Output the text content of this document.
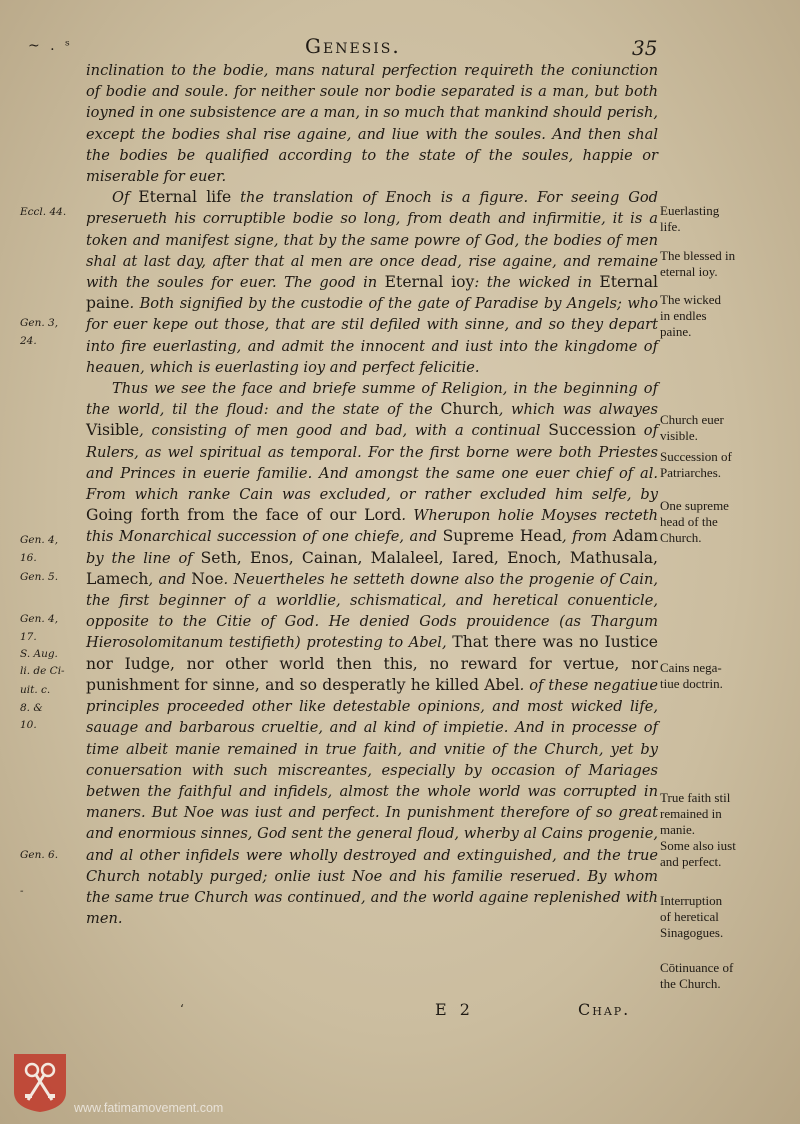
~ . ˢ	Genesis.	35

inclination to the bodie, mans natural perfection requireth the coniunction of bodie and soule. for neither soule nor bodie separated is a man, but both ioyned in one subsistence are a man, in so much that mankind should perish, except the bodies shal rise againe, and liue with the soules. And then shal the bodies be qualified according to the state of the soules, happie or miserable for euer.

Of Eternal life the translation of Enoch is a figure. For seeing God preserueth his corruptible bodie so long, from death and infirmitie, it is a token and manifest signe, that by the same powre of God, the bodies of men shal at last day, after that al men are once dead, rise againe, and remaine with the soules for euer. The good in Eternal ioy: the wicked in Eternal paine. Both signified by the custodie of the gate of Paradise by Angels; who for euer kepe out those, that are stil defiled with sinne, and so they depart into fire euerlasting, and admit the innocent and iust into the kingdome of heauen, which is euerlasting ioy and perfect felicitie.

Thus we see the face and briefe summe of Religion, in the beginning of the world, til the floud: and the state of the Church, which was alwayes Visible, consisting of men good and bad, with a continual Succession of Rulers, as wel spiritual as temporal. For the first borne were both Priestes and Princes in euerie familie. And amongst the same one euer chief of al. From which ranke Cain was excluded, or rather excluded him selfe, by Going forth from the face of our Lord. Wherupon holie Moyses recteth this Monarchical succession of one chiefe, and Supreme Head, from Adam by the line of Seth, Enos, Cainan, Malaleel, Iared, Enoch, Mathusala, Lamech, and Noe. Neuertheles he setteth downe also the progenie of Cain, the first beginner of a worldlie, schismatical, and heretical conuenticle, opposite to the Citie of God. He denied Gods prouidence (as Thargum Hierosolomitanum testifieth) protesting to Abel, That there was no Iustice nor Iudge, nor other world then this, no reward for vertue, nor punishment for sinne, and so desperatly he killed Abel. of these negatiue principles proceeded other like detestable opinions, and most wicked life, sauage and barbarous crueltie, and al kind of impietie. And in processe of time albeit manie remained in true faith, and vnitie of the Church, yet by conuersation with such miscreantes, especially by occasion of Mariages betwen the faithful and infidels, almost the whole world was corrupted in maners. But Noe was iust and perfect. In punishment therefore of so great and enormious sinnes, God sent the general floud, wherby al Cains progenie, and al other infidels were wholly destroyed and extinguished, and the true Church notably purged; onlie iust Noe and his familie reserued. By whom the same true Church was continued, and the world againe replenished with men.

Eccl. 44.
Gen. 3,
24.
Gen. 4,
16.
Gen. 5.
Gen. 4,
17.
S. Aug.
li. de Ci-
uit. c.
8. &
10.
Gen. 6.
-
Euerlasting
life.
The blessed in
eternal ioy.
The wicked
in endles
paine.
Church euer
visible.
Succession of
Patriarches.
One supreme
head of the
Church.
Cains nega-
tiue doctrin.
True faith stil
remained in
manie.
Some also iust
and perfect.
Interruption
of heretical
Sinagogues.
Cōtinuance of
the Church.
ʻ	E 2	Chap.
www.fatimamovement.com
